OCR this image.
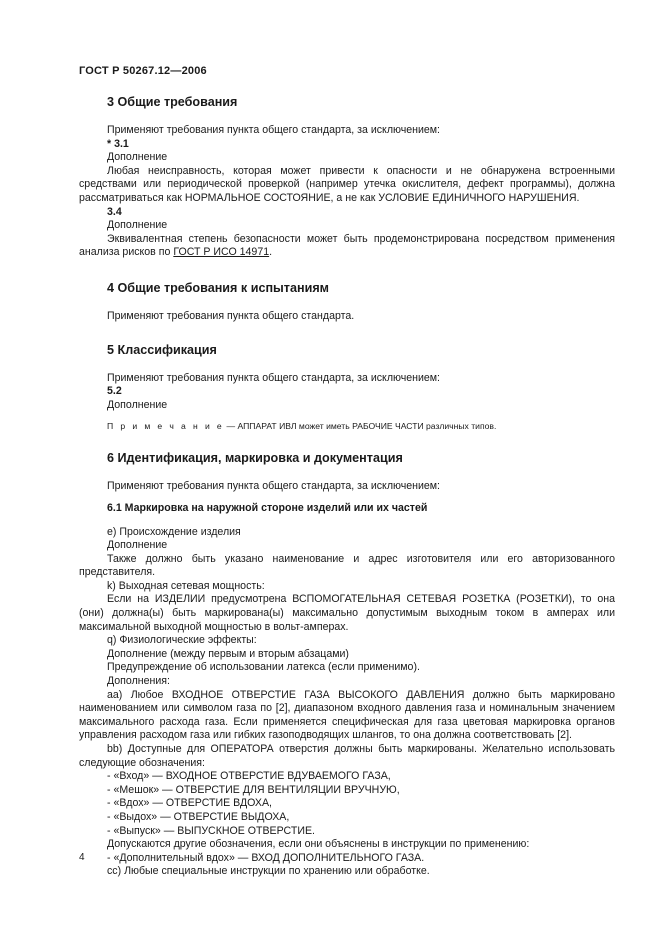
ГОСТ Р 50267.12—2006
3 Общие требования

Применяют требования пункта общего стандарта, за исключением:

* 3.1

Дополнение

Любая неисправность, которая может привести к опасности и не обнаружена встроенными средствами или периодической проверкой (например утечка окислителя, дефект программы), должна рассматриваться как НОРМАЛЬНОЕ СОСТОЯНИЕ, а не как УСЛОВИЕ ЕДИНИЧНОГО НАРУШЕНИЯ.

3.4

Дополнение

Эквивалентная степень безопасности может быть продемонстрирована посредством применения анализа рисков по ГОСТ Р ИСО 14971.

4 Общие требования к испытаниям

Применяют требования пункта общего стандарта.

5 Классификация

Применяют требования пункта общего стандарта, за исключением:

5.2

Дополнение

П р и м е ч а н и е — АППАРАТ ИВЛ может иметь РАБОЧИЕ ЧАСТИ различных типов.

6 Идентификация, маркировка и документация

Применяют требования пункта общего стандарта, за исключением:

6.1 Маркировка на наружной стороне изделий или их частей

е) Происхождение изделия

Дополнение

Также должно быть указано наименование и адрес изготовителя или его авторизованного представителя.

k) Выходная сетевая мощность:

Если на ИЗДЕЛИИ предусмотрена ВСПОМОГАТЕЛЬНАЯ СЕТЕВАЯ РОЗЕТКА (РОЗЕТКИ), то она (они) должна(ы) быть маркирована(ы) максимально допустимым выходным током в амперах или максимальной выходной мощностью в вольт-амперах.

q) Физиологические эффекты:

Дополнение (между первым и вторым абзацами)

Предупреждение об использовании латекса (если применимо).

Дополнения:

аа) Любое ВХОДНОЕ ОТВЕРСТИЕ ГАЗА ВЫСОКОГО ДАВЛЕНИЯ должно быть маркировано наименованием или символом газа по [2], диапазоном входного давления газа и номинальным значением максимального расхода газа. Если применяется специфическая для газа цветовая маркировка органов управления расходом газа или гибких газоподводящих шлангов, то она должна соответствовать [2].

bb) Доступные для ОПЕРАТОРА отверстия должны быть маркированы. Желательно использовать следующие обозначения:

- «Вход» — ВХОДНОЕ ОТВЕРСТИЕ ВДУВАЕМОГО ГАЗА,

- «Мешок» — ОТВЕРСТИЕ ДЛЯ ВЕНТИЛЯЦИИ ВРУЧНУЮ,

- «Вдох» — ОТВЕРСТИЕ ВДОХА,

- «Выдох» — ОТВЕРСТИЕ ВЫДОХА,

- «Выпуск» — ВЫПУСКНОЕ ОТВЕРСТИЕ.

Допускаются другие обозначения, если они объяснены в инструкции по применению:

- «Дополнительный вдох» — ВХОД ДОПОЛНИТЕЛЬНОГО ГАЗА.

сс) Любые специальные инструкции по хранению или обработке.

4
